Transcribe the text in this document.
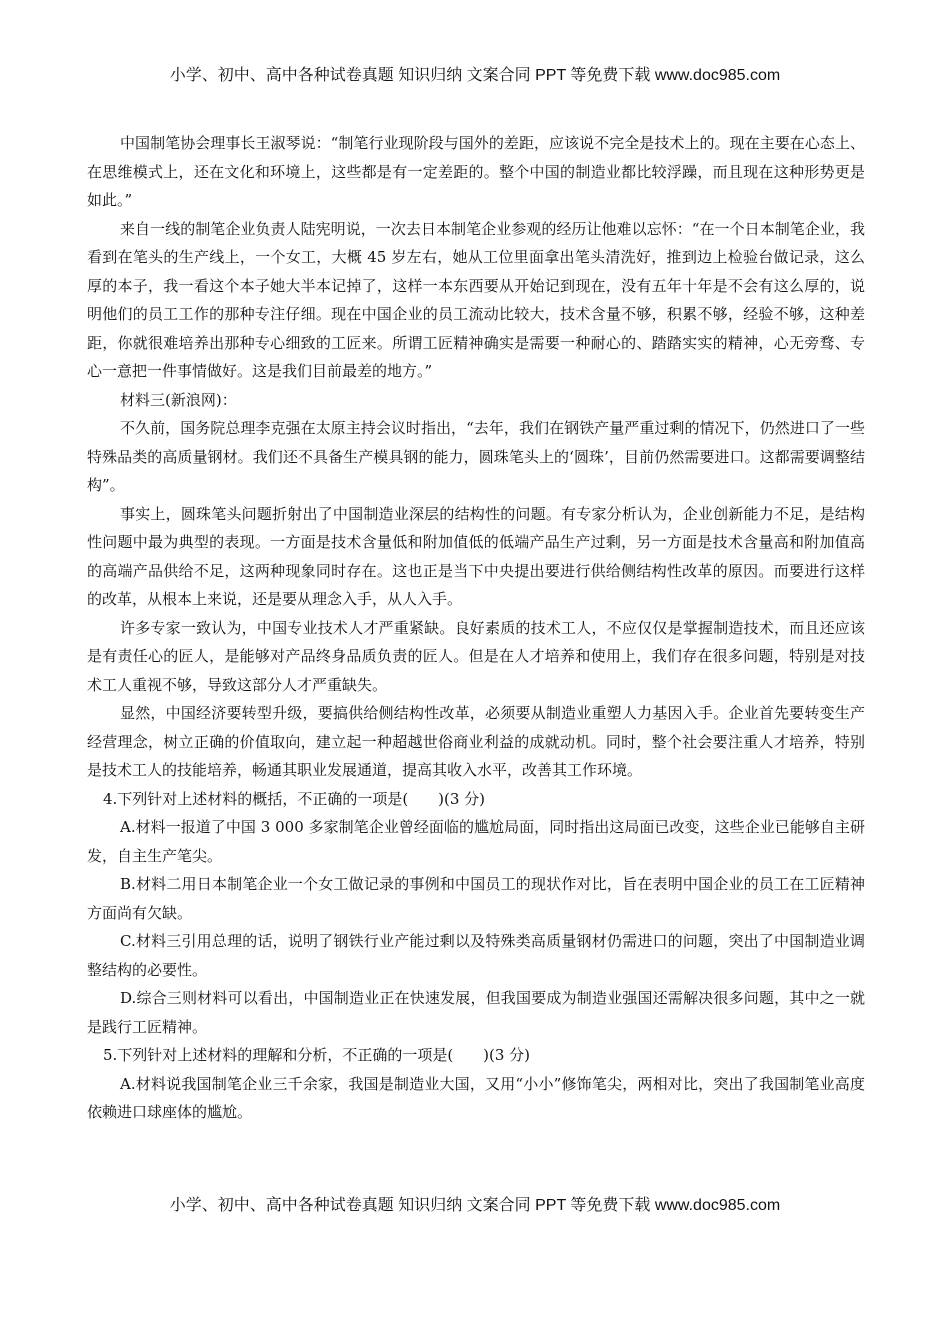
小学、初中、高中各种试卷真题 知识归纳 文案合同 PPT 等免费下载 www.doc985.com

中国制笔协会理事长王淑琴说：“制笔行业现阶段与国外的差距，应该说不完全是技术上的。现在主要在心态上、在思维模式上，还在文化和环境上，这些都是有一定差距的。整个中国的制造业都比较浮躁，而且现在这种形势更是如此。”

来自一线的制笔企业负责人陆宪明说，一次去日本制笔企业参观的经历让他难以忘怀：“在一个日本制笔企业，我看到在笔头的生产线上，一个女工，大概 45 岁左右，她从工位里面拿出笔头清洗好，推到边上检验台做记录，这么厚的本子，我一看这个本子她大半本记掉了，这样一本东西要从开始记到现在，没有五年十年是不会有这么厚的，说明他们的员工工作的那种专注仔细。现在中国企业的员工流动比较大，技术含量不够，积累不够，经验不够，这种差距，你就很难培养出那种专心细致的工匠来。所谓工匠精神确实是需要一种耐心的、踏踏实实的精神，心无旁骛、专心一意把一件事情做好。这是我们目前最差的地方。”

材料三(新浪网)：

不久前，国务院总理李克强在太原主持会议时指出，“去年，我们在钢铁产量严重过剩的情况下，仍然进口了一些特殊品类的高质量钢材。我们还不具备生产模具钢的能力，圆珠笔头上的‘圆珠’，目前仍然需要进口。这都需要调整结构”。

事实上，圆珠笔头问题折射出了中国制造业深层的结构性的问题。有专家分析认为，企业创新能力不足，是结构性问题中最为典型的表现。一方面是技术含量低和附加值低的低端产品生产过剩，另一方面是技术含量高和附加值高的高端产品供给不足，这两种现象同时存在。这也正是当下中央提出要进行供给侧结构性改革的原因。而要进行这样的改革，从根本上来说，还是要从理念入手，从人入手。

许多专家一致认为，中国专业技术人才严重紧缺。良好素质的技术工人，不应仅仅是掌握制造技术，而且还应该是有责任心的匠人，是能够对产品终身品质负责的匠人。但是在人才培养和使用上，我们存在很多问题，特别是对技术工人重视不够，导致这部分人才严重缺失。

显然，中国经济要转型升级，要搞供给侧结构性改革，必须要从制造业重塑人力基因入手。企业首先要转变生产经营理念，树立正确的价值取向，建立起一种超越世俗商业利益的成就动机。同时，整个社会要注重人才培养，特别是技术工人的技能培养，畅通其职业发展通道，提高其收入水平，改善其工作环境。

4.下列针对上述材料的概括，不正确的一项是(　　)(3 分)

A.材料一报道了中国 3 000 多家制笔企业曾经面临的尴尬局面，同时指出这局面已改变，这些企业已能够自主研发，自主生产笔尖。

B.材料二用日本制笔企业一个女工做记录的事例和中国员工的现状作对比，旨在表明中国企业的员工在工匠精神方面尚有欠缺。

C.材料三引用总理的话，说明了钢铁行业产能过剩以及特殊类高质量钢材仍需进口的问题，突出了中国制造业调整结构的必要性。

D.综合三则材料可以看出，中国制造业正在快速发展，但我国要成为制造业强国还需解决很多问题，其中之一就是践行工匠精神。

5.下列针对上述材料的理解和分析，不正确的一项是(　　)(3 分)

A.材料说我国制笔企业三千余家，我国是制造业大国，又用“小小”修饰笔尖，两相对比，突出了我国制笔业高度依赖进口球座体的尴尬。

小学、初中、高中各种试卷真题 知识归纳 文案合同 PPT 等免费下载 www.doc985.com
